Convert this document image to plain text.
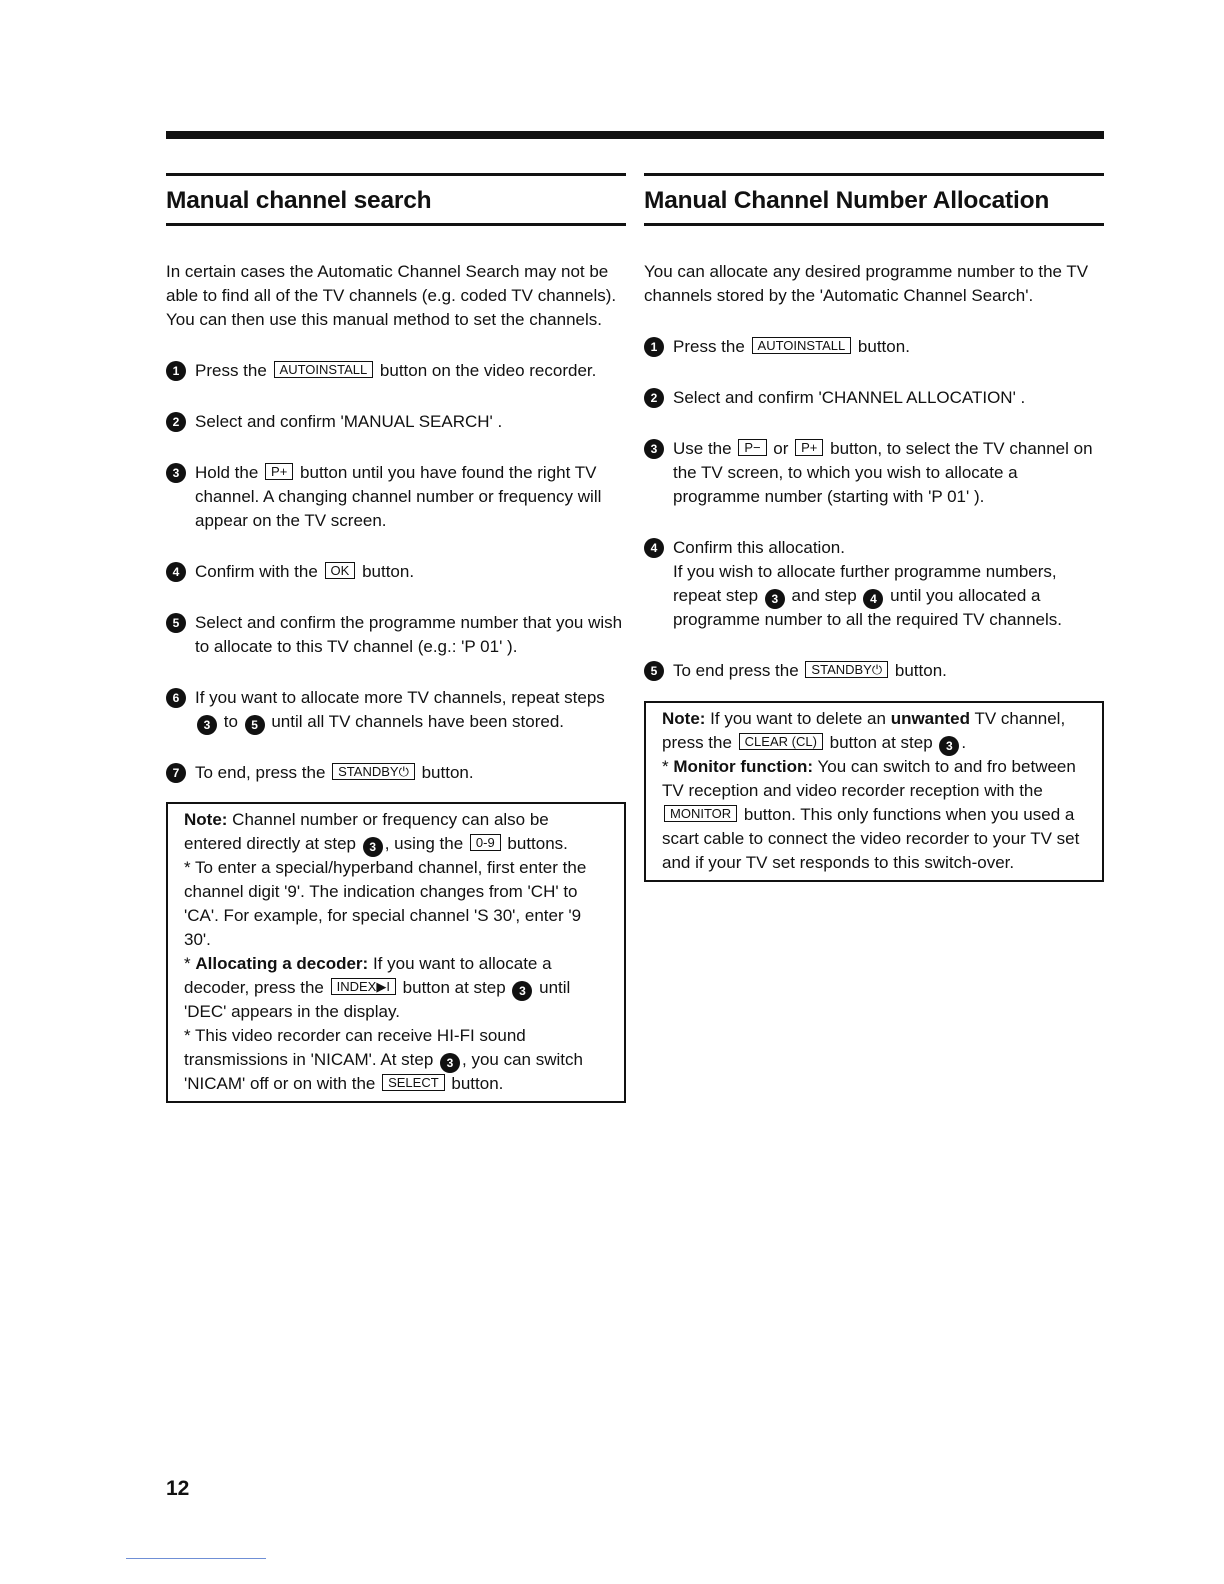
Manual channel search

In certain cases the Automatic Channel Search may not be able to find all of the TV channels (e.g. coded TV channels). You can then use this manual method to set the channels.

1 Press the AUTOINSTALL button on the video recorder.
2 Select and confirm 'MANUAL SEARCH' .
3 Hold the P+ button until you have found the right TV channel. A changing channel number or frequency will appear on the TV screen.
4 Confirm with the OK button.
5 Select and confirm the programme number that you wish to allocate to this TV channel (e.g.: 'P 01' ).
6 If you want to allocate more TV channels, repeat steps 3 to 5 until all TV channels have been stored.
7 To end, press the STANDBY⏻ button.
Note: Channel number or frequency can also be entered directly at step 3 , using the 0-9 buttons.
* To enter a special/hyperband channel, first enter the channel digit '9'. The indication changes from 'CH' to 'CA'. For example, for special channel 'S 30', enter '9 30'.
* Allocating a decoder: If you want to allocate a decoder, press the INDEX▶I button at step 3 until 'DEC' appears in the display.
* This video recorder can receive HI-FI sound transmissions in 'NICAM'. At step 3 , you can switch 'NICAM' off or on with the SELECT button.
Manual Channel Number Allocation

You can allocate any desired programme number to the TV channels stored by the 'Automatic Channel Search'.

1 Press the AUTOINSTALL button.
2 Select and confirm 'CHANNEL ALLOCATION' .
3 Use the P− or P+ button, to select the TV channel on the TV screen, to which you wish to allocate a programme number (starting with 'P 01' ).
4 Confirm this allocation.
If you wish to allocate further programme numbers, repeat step 3 and step 4 until you allocated a programme number to all the required TV channels.
5 To end press the STANDBY⏻ button.
Note: If you want to delete an unwanted TV channel, press the CLEAR (CL) button at step 3 .
* Monitor function: You can switch to and fro between TV reception and video recorder reception with the MONITOR button. This only functions when you used a scart cable to connect the video recorder to your TV set and if your TV set responds to this switch-over.
12
